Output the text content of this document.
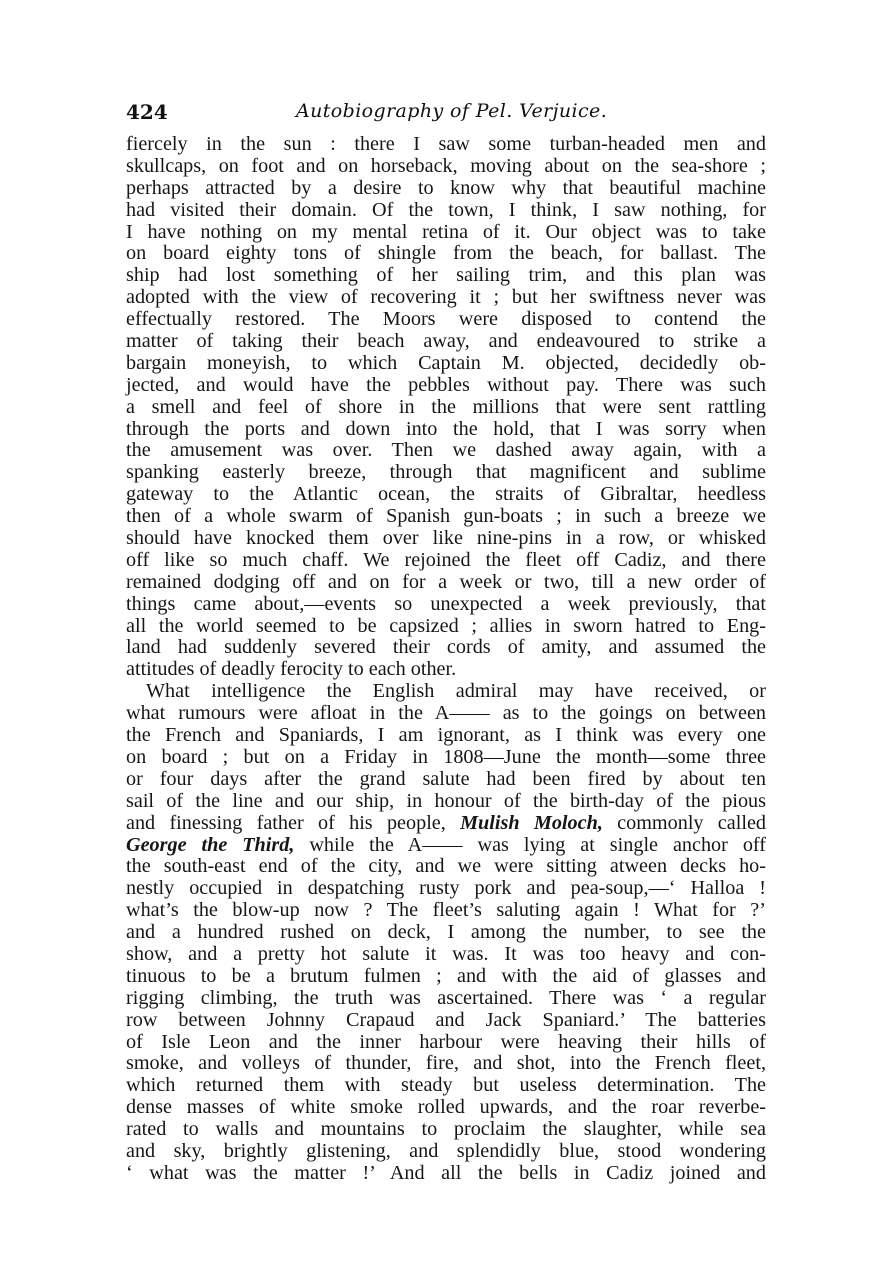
424	Autobiography of Pel. Verjuice.
fiercely in the sun : there I saw some turban-headed men and
skullcaps, on foot and on horseback, moving about on the sea-shore ;
perhaps attracted by a desire to know why that beautiful machine
had visited their domain. Of the town, I think, I saw nothing, for
I have nothing on my mental retina of it. Our object was to take
on board eighty tons of shingle from the beach, for ballast. The
ship had lost something of her sailing trim, and this plan was
adopted with the view of recovering it ; but her swiftness never was
effectually restored. The Moors were disposed to contend the
matter of taking their beach away, and endeavoured to strike a
bargain moneyish, to which Captain M. objected, decidedly ob-
jected, and would have the pebbles without pay. There was such
a smell and feel of shore in the millions that were sent rattling
through the ports and down into the hold, that I was sorry when
the amusement was over. Then we dashed away again, with a
spanking easterly breeze, through that magnificent and sublime
gateway to the Atlantic ocean, the straits of Gibraltar, heedless
then of a whole swarm of Spanish gun-boats ; in such a breeze we
should have knocked them over like nine-pins in a row, or whisked
off like so much chaff. We rejoined the fleet off Cadiz, and there
remained dodging off and on for a week or two, till a new order of
things came about,—events so unexpected a week previously, that
all the world seemed to be capsized ; allies in sworn hatred to Eng-
land had suddenly severed their cords of amity, and assumed the
attitudes of deadly ferocity to each other.
What intelligence the English admiral may have received, or
what rumours were afloat in the A—— as to the goings on between
the French and Spaniards, I am ignorant, as I think was every one
on board ; but on a Friday in 1808—June the month—some three
or four days after the grand salute had been fired by about ten
sail of the line and our ship, in honour of the birth-day of the pious
and finessing father of his people, Mulish Moloch, commonly called
George the Third, while the A—— was lying at single anchor off
the south-east end of the city, and we were sitting atween decks ho-
nestly occupied in despatching rusty pork and pea-soup,—‘ Halloa !
what’s the blow-up now ? The fleet’s saluting again ! What for ?’
and a hundred rushed on deck, I among the number, to see the
show, and a pretty hot salute it was. It was too heavy and con-
tinuous to be a brutum fulmen ; and with the aid of glasses and
rigging climbing, the truth was ascertained. There was ‘ a regular
row between Johnny Crapaud and Jack Spaniard.’ The batteries
of Isle Leon and the inner harbour were heaving their hills of
smoke, and volleys of thunder, fire, and shot, into the French fleet,
which returned them with steady but useless determination. The
dense masses of white smoke rolled upwards, and the roar reverbe-
rated to walls and mountains to proclaim the slaughter, while sea
and sky, brightly glistening, and splendidly blue, stood wondering
‘ what was the matter !’ And all the bells in Cadiz joined and
